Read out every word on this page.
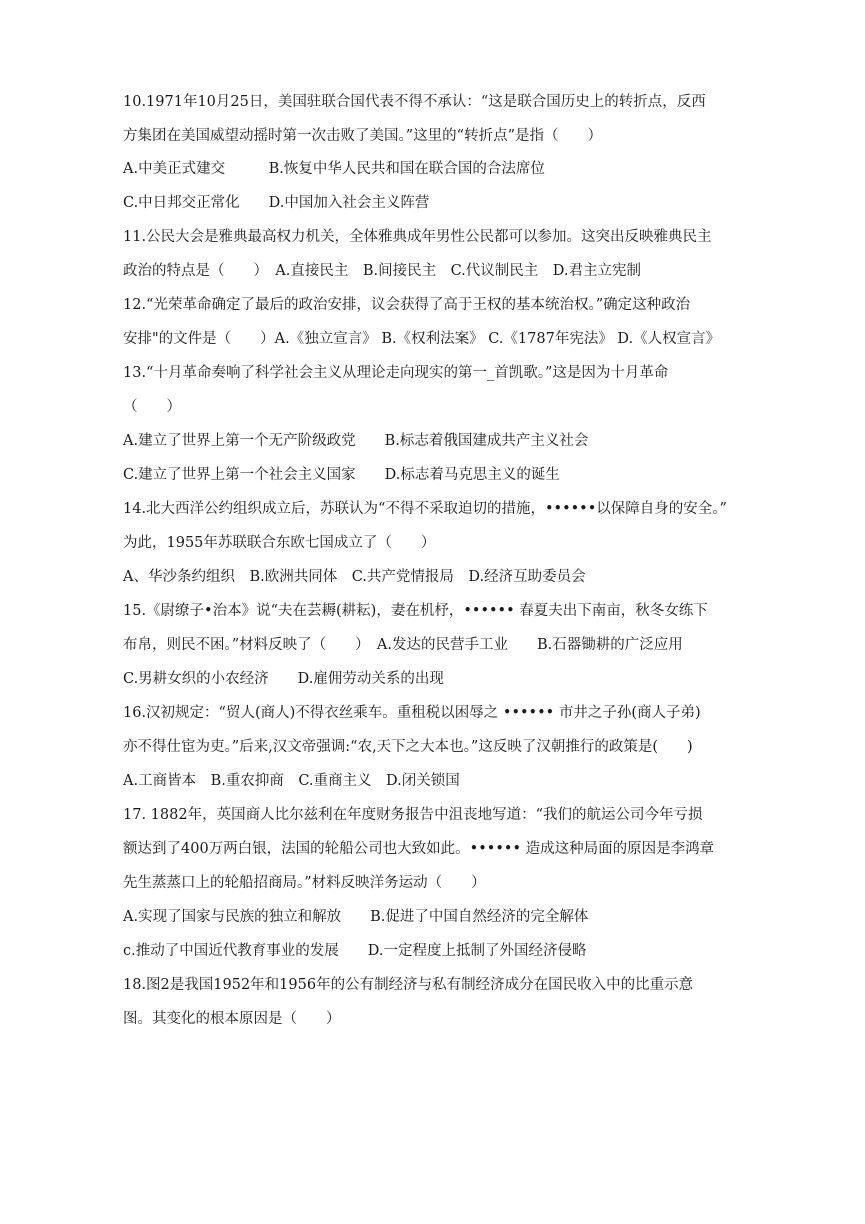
10.1971年10月25日，美国驻联合国代表不得不承认：“这是联合国历史上的转折点，反西
方集团在美国威望动摇时第一次击败了美国。”这里的“转折点”是指（　　）
A.中美正式建交　　　B.恢复中华人民共和国在联合国的合法席位
C.中日邦交正常化　　D.中国加入社会主义阵营
11.公民大会是雅典最高权力机关，全体雅典成年男性公民都可以参加。这突出反映雅典民主
政治的特点是（　　）　A.直接民主　B.间接民主　C.代议制民主　D.君主立宪制
12.“光荣革命确定了最后的政治安排，议会获得了高于王权的基本统治权。”确定这种政治
安排"的文件是（　　）A.《独立宣言》 B.《权利法案》 C.《1787年宪法》 D.《人权宣言》
13.“十月革命奏响了科学社会主义从理论走向现实的第一_首凯歌。”这是因为十月革命
（　　）
A.建立了世界上第一个无产阶级政党　　B.标志着俄国建成共产主义社会
C.建立了世界上第一个社会主义国家　　D.标志着马克思主义的诞生
14.北大西洋公约组织成立后，苏联认为“不得不采取迫切的措施，••••••以保障自身的安全。”
为此，1955年苏联联合东欧七国成立了（　　）
A、华沙条约组织　B.欧洲共同体　C.共产党情报局　D.经济互助委员会
15.《尉缭子•治本》说“夫在芸耨(耕耘)，妻在机杼，•••••• 春夏夫出下南亩，秋冬女练下
布帛，则民不困。”材料反映了（　　）　A.发达的民营手工业　　B.石器锄耕的广泛应用
C.男耕女织的小农经济　　D.雇佣劳动关系的出现
16.汉初规定：“贸人(商人)不得衣丝乘车。重租税以困辱之 •••••• 市井之子孙(商人子弟)
亦不得仕宦为吏。”后来,汉文帝强调:“农,天下之大本也。”这反映了汉朝推行的政策是(　　)
A.工商皆本　B.重农抑商　C.重商主义　D.闭关锁国
17. 1882年，英国商人比尔兹利在年度财务报告中沮丧地写道：“我们的航运公司今年亏损
额达到了400万两白银，法国的轮船公司也大致如此。•••••• 造成这种局面的原因是李鸿章
先生蒸蒸口上的轮船招商局。”材料反映洋务运动（　　）
A.实现了国家与民族的独立和解放　　B.促进了中国自然经济的完全解体
c.推动了中国近代教育事业的发展　　D.一定程度上抵制了外国经济侵略
18.图2是我国1952年和1956年的公有制经济与私有制经济成分在国民收入中的比重示意
图。其变化的根本原因是（　　）
